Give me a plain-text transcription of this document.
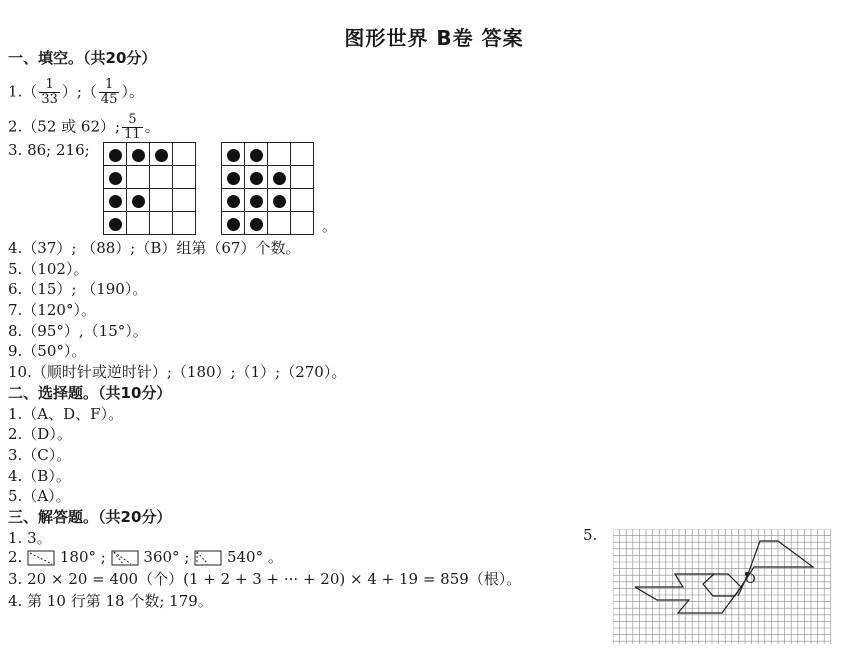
图形世界 B卷 答案
一、填空。（共20分）
$1.( \frac{1}{33}$ ）;（ $\frac{1}{45}$ ）。
2.（52 或 62）; $\frac{5}{11}$ 。
3. 86; 216;

。
4.（37）; （88）;（B）组第（67）个数。
5.（102）。
6.（15）; （190）。
7.（120°）。
8.（95°）,（15°）。
9.（50°）。
10.（顺时针或逆时针）;（180）;（1）;（270）。
二、选择题。（共10分）
1.（A、D、F）。
2.（D）。
3.（C）。
4.（B）。
5.（A）。
三、解答题。（共20分）
1. 3。
2.	180° ;	360° ;	540° 。
3. 20 × 20 = 400（个）(1 + 2 + 3 + ··· + 20) × 4 + 19 = 859（根）。
4. 第 10 行第 18 个数; 179。
5.
O
